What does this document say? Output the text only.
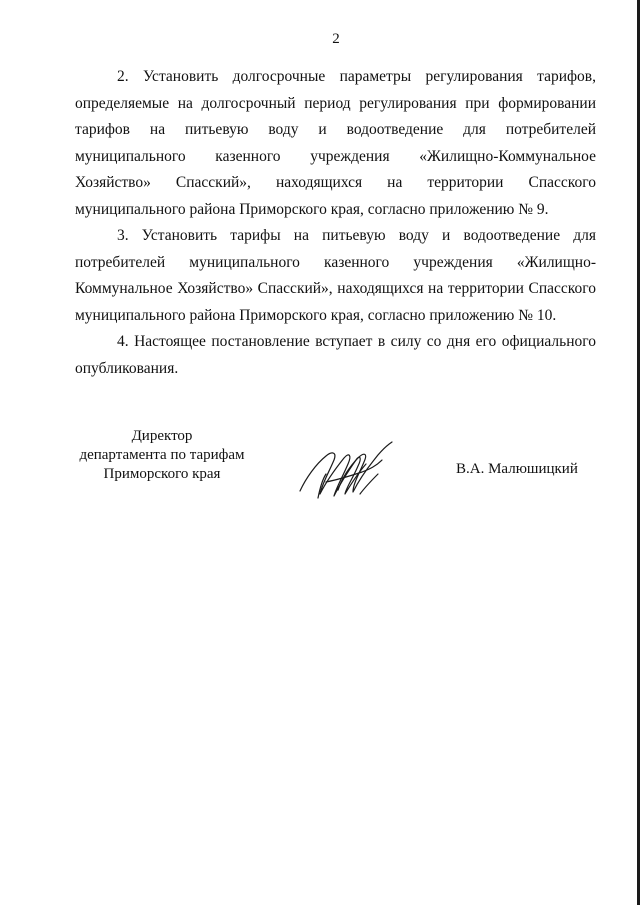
2

2. Установить долгосрочные параметры регулирования тарифов, определяемые на долгосрочный период регулирования при формировании тарифов на питьевую воду и водоотведение для потребителей муниципального казенного учреждения «Жилищно-Коммунальное Хозяйство» Спасский», находящихся на территории Спасского муниципального района Приморского края, согласно приложению № 9.

3. Установить тарифы на питьевую воду и водоотведение для потребителей муниципального казенного учреждения «Жилищно-Коммунальное Хозяйство» Спасский», находящихся на территории Спасского муниципального района Приморского края, согласно приложению № 10.

4. Настоящее постановление вступает в силу со дня его официального опубликования.

Директор
департамента по тарифам
Приморского края	В.А. Малюшицкий
